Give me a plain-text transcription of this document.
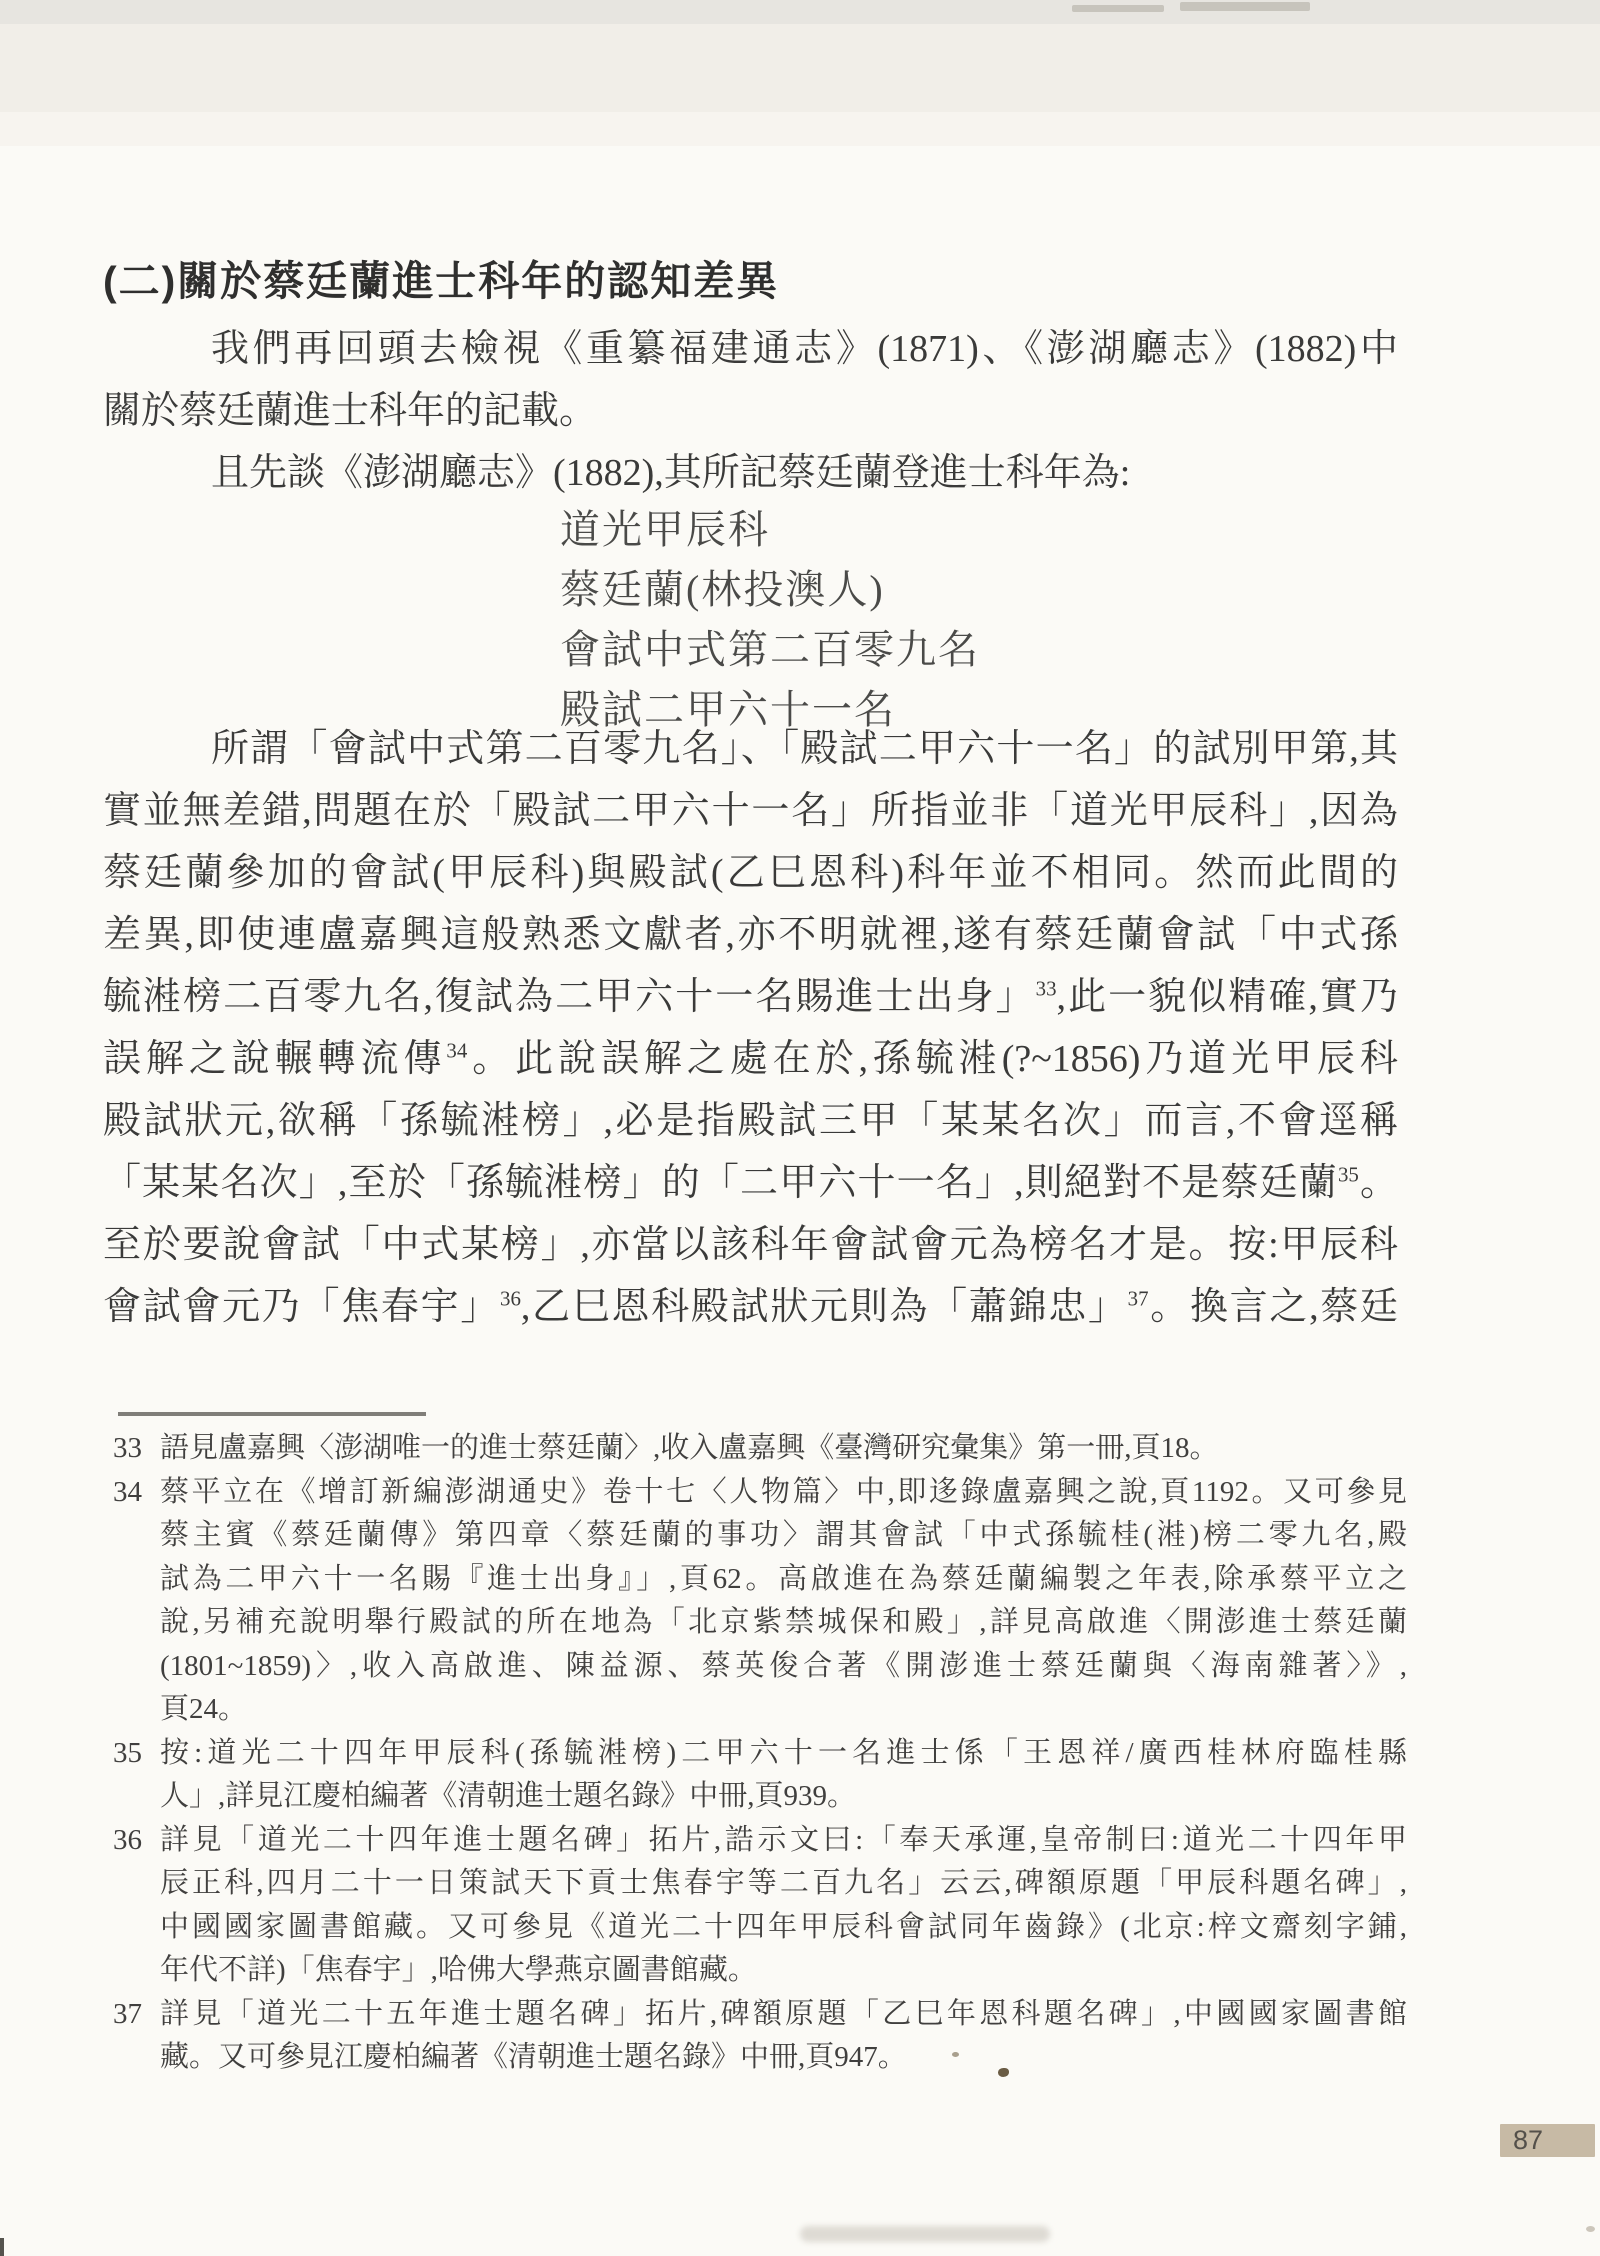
(二)關於蔡廷蘭進士科年的認知差異
我們再回頭去檢視《重纂福建通志》(1871)、《澎湖廳志》(1882)中
關於蔡廷蘭進士科年的記載。
且先談《澎湖廳志》(1882),其所記蔡廷蘭登進士科年為:
道光甲辰科
蔡廷蘭(林投澳人)
會試中式第二百零九名
殿試二甲六十一名
所謂「會試中式第二百零九名」、「殿試二甲六十一名」的試別甲第,其
實並無差錯,問題在於「殿試二甲六十一名」所指並非「道光甲辰科」,因為
蔡廷蘭參加的會試(甲辰科)與殿試(乙巳恩科)科年並不相同。然而此間的
差異,即使連盧嘉興這般熟悉文獻者,亦不明就裡,遂有蔡廷蘭會試「中式孫
毓溎榜二百零九名,復試為二甲六十一名賜進士出身」$^{33}$,此一貌似精確,實乃
誤解之說輾轉流傳$^{34}$。此說誤解之處在於,孫毓溎(?~1856)乃道光甲辰科
殿試狀元,欲稱「孫毓溎榜」,必是指殿試三甲「某某名次」而言,不會逕稱
「某某名次」,至於「孫毓溎榜」的「二甲六十一名」,則絕對不是蔡廷蘭$^{35}$。
至於要說會試「中式某榜」,亦當以該科年會試會元為榜名才是。按:甲辰科
會試會元乃「焦春宇」$^{36}$,乙巳恩科殿試狀元則為「蕭錦忠」$^{37}$。換言之,蔡廷
33 語見盧嘉興〈澎湖唯一的進士蔡廷蘭〉,收入盧嘉興《臺灣研究彙集》第一冊,頁18。
34 蔡平立在《增訂新編澎湖通史》卷十七〈人物篇〉中,即迻錄盧嘉興之說,頁1192。又可參見
蔡主賓《蔡廷蘭傳》第四章〈蔡廷蘭的事功〉謂其會試「中式孫毓桂(溎)榜二零九名,殿
試為二甲六十一名賜『進士出身』」,頁62。高啟進在為蔡廷蘭編製之年表,除承蔡平立之
說,另補充說明舉行殿試的所在地為「北京紫禁城保和殿」,詳見高啟進〈開澎進士蔡廷蘭
(1801~1859)〉,收入高啟進、陳益源、蔡英俊合著《開澎進士蔡廷蘭與〈海南雜著〉》,
頁24。
35 按:道光二十四年甲辰科(孫毓溎榜)二甲六十一名進士係「王恩祥/廣西桂林府臨桂縣
人」,詳見江慶柏編著《清朝進士題名錄》中冊,頁939。
36 詳見「道光二十四年進士題名碑」拓片,誥示文曰:「奉天承運,皇帝制曰:道光二十四年甲
辰正科,四月二十一日策試天下貢士焦春宇等二百九名」云云,碑額原題「甲辰科題名碑」,
中國國家圖書館藏。又可參見《道光二十四年甲辰科會試同年齒錄》(北京:梓文齋刻字鋪,
年代不詳)「焦春宇」,哈佛大學燕京圖書館藏。
37 詳見「道光二十五年進士題名碑」拓片,碑額原題「乙巳年恩科題名碑」,中國國家圖書館
藏。又可參見江慶柏編著《清朝進士題名錄》中冊,頁947。
87
